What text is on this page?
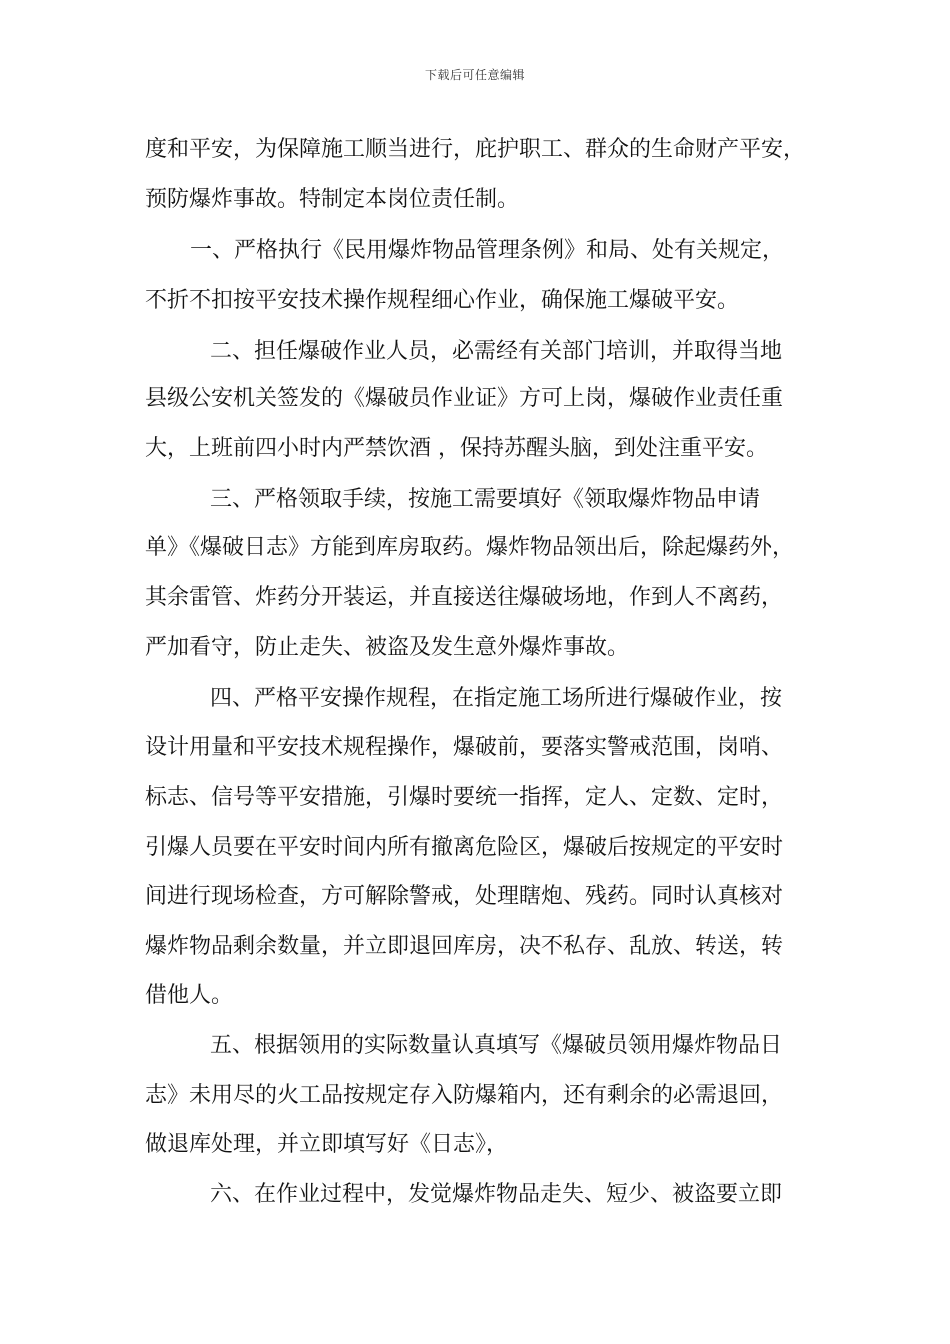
下载后可任意编辑
度和平安，为保障施工顺当进行，庇护职工、群众的生命财产平安，
预防爆炸事故。特制定本岗位责任制。
一、严格执行《民用爆炸物品管理条例》和局、处有关规定，
不折不扣按平安技术操作规程细心作业，确保施工爆破平安。
二、担任爆破作业人员，必需经有关部门培训，并取得当地
县级公安机关签发的《爆破员作业证》方可上岗，爆破作业责任重
大，上班前四小时内严禁饮酒 ，保持苏醒头脑，到处注重平安。
三、严格领取手续，按施工需要填好《领取爆炸物品申请
单》《爆破日志》方能到库房取药。爆炸物品领出后，除起爆药外，
其余雷管、炸药分开装运，并直接送往爆破场地，作到人不离药，
严加看守，防止走失、被盗及发生意外爆炸事故。
四、严格平安操作规程，在指定施工场所进行爆破作业，按
设计用量和平安技术规程操作，爆破前，要落实警戒范围，岗哨、
标志、信号等平安措施，引爆时要统一指挥，定人、定数、定时，
引爆人员要在平安时间内所有撤离危险区，爆破后按规定的平安时
间进行现场检查，方可解除警戒，处理瞎炮、残药。同时认真核对
爆炸物品剩余数量，并立即退回库房，决不私存、乱放、转送，转
借他人。
五、根据领用的实际数量认真填写《爆破员领用爆炸物品日
志》未用尽的火工品按规定存入防爆箱内，还有剩余的必需退回，
做退库处理，并立即填写好《日志》，
六、在作业过程中，发觉爆炸物品走失、短少、被盗要立即
